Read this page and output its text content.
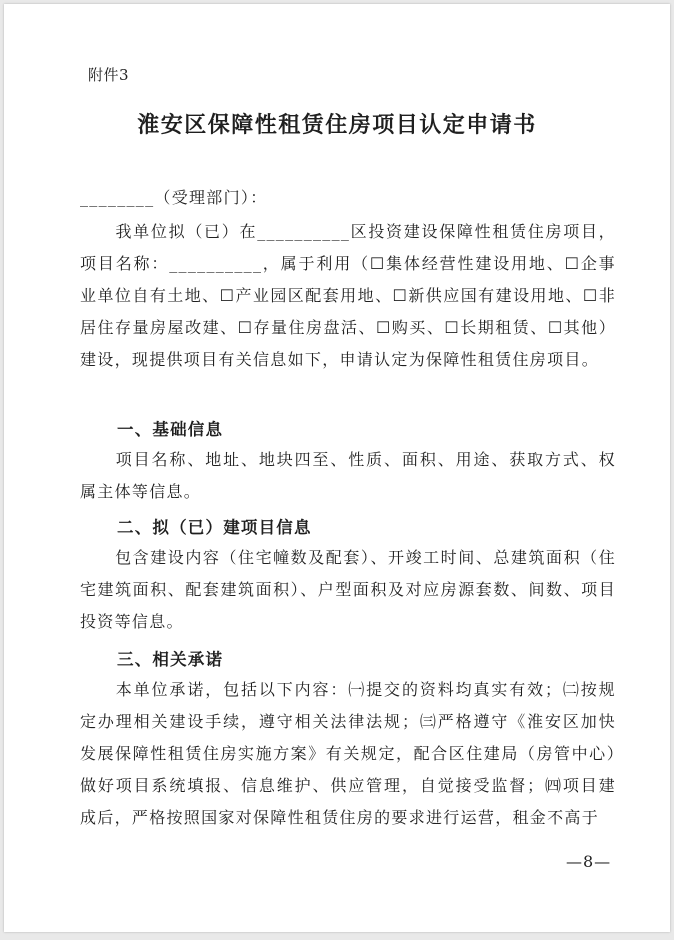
附件3
淮安区保障性租赁住房项目认定申请书
________（受理部门）：
　　我单位拟（已）在__________区投资建设保障性租赁住房项目，项目名称：__________，属于利用（☐集体经营性建设用地、☐企事业单位自有土地、☐产业园区配套用地、☐新供应国有建设用地、☐非居住存量房屋改建、☐存量住房盘活、☐购买、☐长期租赁、☐其他）建设，现提供项目有关信息如下，申请认定为保障性租赁住房项目。
一、基础信息
　　项目名称、地址、地块四至、性质、面积、用途、获取方式、权属主体等信息。
二、拟（已）建项目信息
　　包含建设内容（住宅幢数及配套）、开竣工时间、总建筑面积（住宅建筑面积、配套建筑面积）、户型面积及对应房源套数、间数、项目投资等信息。
三、相关承诺
　　本单位承诺，包括以下内容：㈠提交的资料均真实有效；㈡按规定办理相关建设手续，遵守相关法律法规；㈢严格遵守《淮安区加快发展保障性租赁住房实施方案》有关规定，配合区住建局（房管中心）做好项目系统填报、信息维护、供应管理，自觉接受监督；㈣项目建成后，严格按照国家对保障性租赁住房的要求进行运营，租金不高于
—8—
